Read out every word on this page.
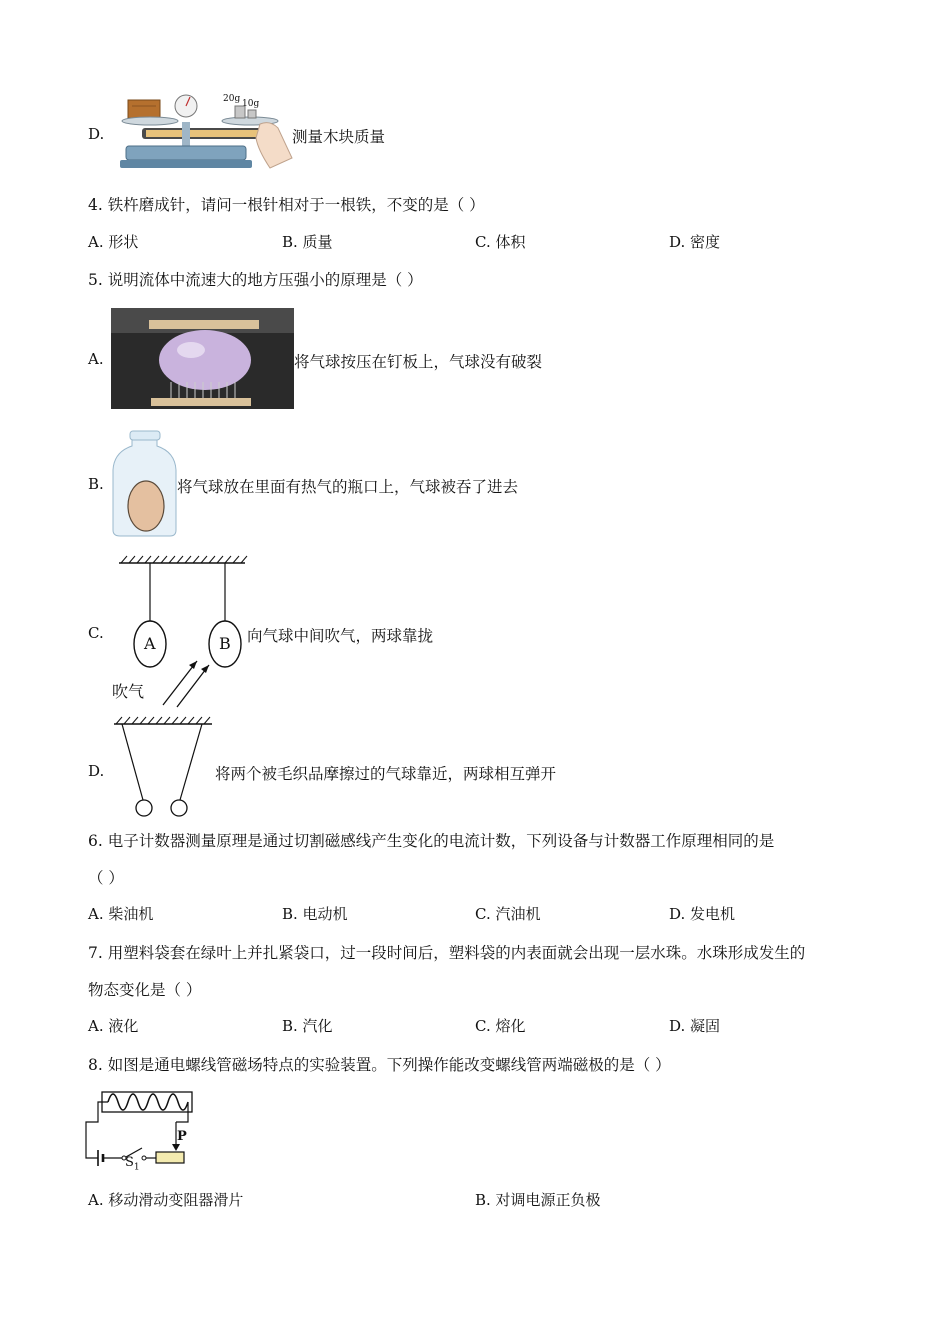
D.
20g 10g
测量木块质量
4. 铁杵磨成针，请问一根针相对于一根铁，不变的是（ ）
A. 形状	B. 质量	C. 体积	D. 密度
5. 说明流体中流速大的地方压强小的原理是（ ）
A.	将气球按压在钉板上，气球没有破裂
B.	将气球放在里面有热气的瓶口上，气球被吞了进去
C.
A	B
吹气
向气球中间吹气，两球靠拢
D.	将两个被毛织品摩擦过的气球靠近，两球相互弹开
6. 电子计数器测量原理是通过切割磁感线产生变化的电流计数，下列设备与计数器工作原理相同的是
（ ）
A. 柴油机	B. 电动机	C. 汽油机	D. 发电机
7. 用塑料袋套在绿叶上并扎紧袋口，过一段时间后，塑料袋的内表面就会出现一层水珠。水珠形成发生的
物态变化是（ ）
A. 液化	B. 汽化	C. 熔化	D. 凝固
8. 如图是通电螺线管磁场特点的实验装置。下列操作能改变螺线管两端磁极的是（ ）
P
$S_1$
A. 移动滑动变阻器滑片	B. 对调电源正负极
